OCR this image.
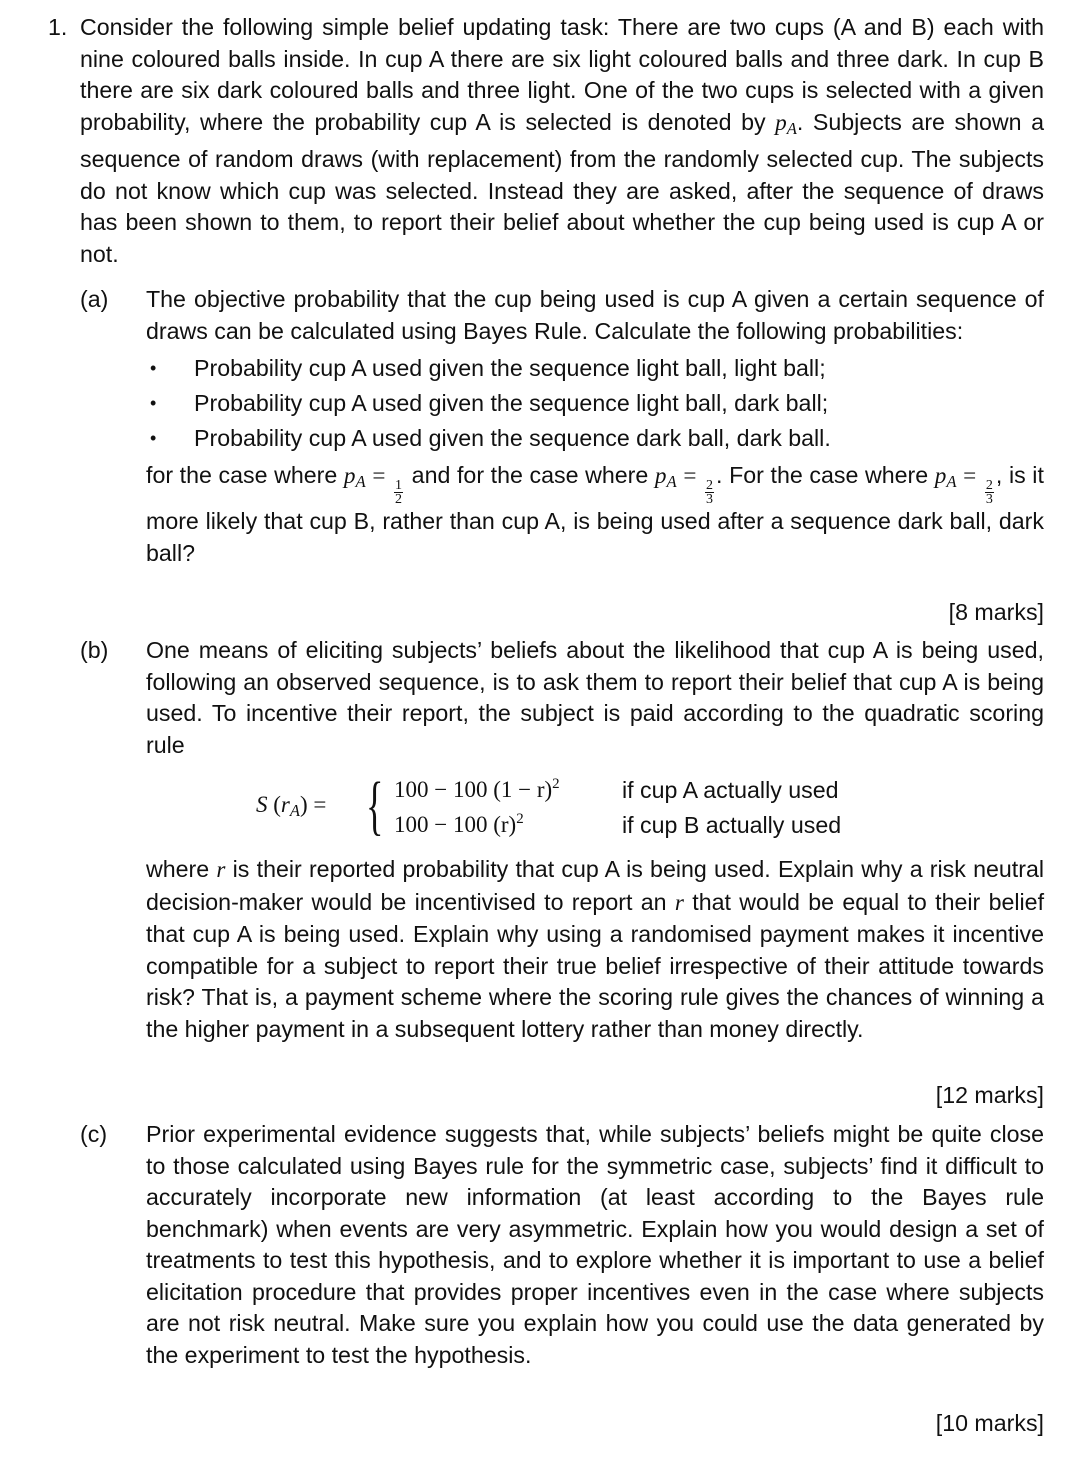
1. Consider the following simple belief updating task: There are two cups (A and B) each with nine coloured balls inside. In cup A there are six light coloured balls and three dark. In cup B there are six dark coloured balls and three light. One of the two cups is selected with a given probability, where the probability cup A is selected is denoted by $p_A$. Subjects are shown a sequence of random draws (with replacement) from the randomly selected cup. The subjects do not know which cup was selected. Instead they are asked, after the sequence of draws has been shown to them, to report their belief about whether the cup being used is cup A or not.

(a) The objective probability that the cup being used is cup A given a certain sequence of draws can be calculated using Bayes Rule. Calculate the following probabilities:

• Probability cup A used given the sequence light ball, light ball;
• Probability cup A used given the sequence light ball, dark ball;
• Probability cup A used given the sequence dark ball, dark ball.

for the case where $p_A$ =
$\frac{1}{2}$
and for the case where $p_A$ =
$\frac{2}{3}$
. For the case where $p_A$ =
$\frac{2}{3}$
, is it more likely that cup B, rather than cup A, is being used after a sequence dark ball, dark ball?

[8 marks]
(b) One means of eliciting subjects’ beliefs about the likelihood that cup A is being used, following an observed sequence, is to ask them to report their belief that cup A is being used. To incentive their report, the subject is paid according to the quadratic scoring rule

S $(r_A)$ = { 100 − 100 $(1 - r)^2$
100 − 100 $(r)^2$
if cup A actually used
if cup B actually used

where r is their reported probability that cup A is being used. Explain why a risk neutral decision-maker would be incentivised to report an r that would be equal to their belief that cup A is being used. Explain why using a randomised payment makes it incentive compatible for a subject to report their true belief irrespective of their attitude towards risk? That is, a payment scheme where the scoring rule gives the chances of winning a the higher payment in a subsequent lottery rather than money directly.

[12 marks]
(c) Prior experimental evidence suggests that, while subjects’ beliefs might be quite close to those calculated using Bayes rule for the symmetric case, subjects’ find it difficult to accurately incorporate new information (at least according to the Bayes rule benchmark) when events are very asymmetric. Explain how you would design a set of treatments to test this hypothesis, and to explore whether it is important to use a belief elicitation procedure that provides proper incentives even in the case where subjects are not risk neutral. Make sure you explain how you could use the data generated by the experiment to test the hypothesis.

[10 marks]
